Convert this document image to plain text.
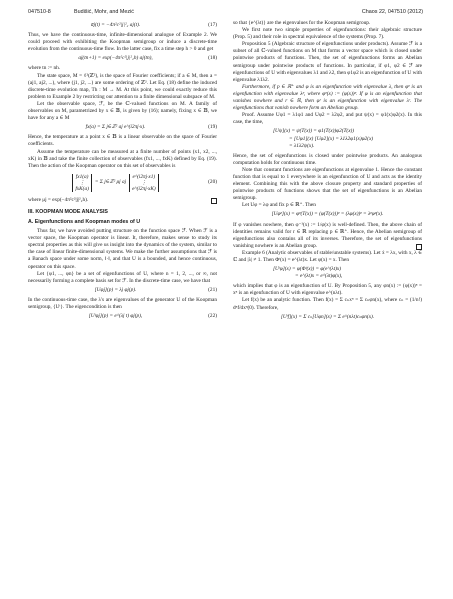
047510-8	Budišić, Mohr, and Mezić	Chaos 22, 047510 (2012)
a̅j(t) = −4π²c²|j|²₂ aj(t).	(17)

Thus, we have the continuous-time, infinite-dimensional analogue of Example 2. We could proceed with exhibiting the Koopman semigroup or induce a discrete-time evolution from the continuous-time flow. In the latter case, fix a time step h > 0 and get

aj(tn+1) = exp(−4π²c²|j|²₂h) aj(tn),	(18)

where tn := nh.

The state space, M = ℓ²(ℤ²), is the space of Fourier coefficients; if a ∈ M, then a = (aj1, aj2, ...), where (j1, j2, ...) are some ordering of ℤ². Let Eq. (18) define the induced discrete-time evolution map, Th : M → M. At this point, we could exactly reduce this problem to Example 2 by restricting our attention to a finite dimensional subspace of M.

Let the observable space, ℱ, be the ℂ-valued functions on M. A family of observables on M, parametrized by x ∈ 𝔹, is given by (16); namely, fixing x ∈ 𝔹, we have for any a ∈ M

fx(a) = Σ j∈ℤ² aj e^(i2πj·x).	(19)

Hence, the temperature at a point x ∈ 𝔹 is a linear observable on the space of Fourier coefficients.

Assume the temperature can be measured at a finite number of points (x1, x2, ..., xK) in 𝔹 and take the finite collection of observables (fx1, ..., fxK) defined by Eq. (19). Then the action of the Koopman operator on this set of observables is

fx1(a)
⋮
fxK(a)
= Σ j∈ℤ² μj aj
e^(i2πj·x1)
⋮
e^(i2πj·xK)
(20)

where μj = exp(−4π²c²|j|²₂h).

III. KOOPMAN MODE ANALYSIS
A. Eigenfunctions and Koopman modes of U

Thus far, we have avoided putting structure on the function space ℱ. When ℱ is a vector space, the Koopman operator is linear. It, therefore, makes sense to study its spectral properties as this will give us insight into the dynamics of the system, similar to the case of linear finite-dimensional systems. We make the further assumptions that ℱ is a Banach space under some norm, ‖·‖, and that U is a bounded, and hence continuous, operator on this space.

Let {φ1, ..., φn} be a set of eigenfunctions of U, where n = 1, 2, ..., or ∞, not necessarily forming a complete basis set for ℱ. In the discrete-time case, we have that

[Uφj](p) = λj φj(p).	(21)

In the continuous-time case, the λ's are eigenvalues of the generator U of the Koopman semigroup, {Uᵗ}. The eigencondition is then

[Uᵗφj](p) = e^(λj t) φj(p),	(22)

so that {e^(λt)} are the eigenvalues for the Koopman semigroup.

We first note two simple properties of eigenfunctions: their algebraic structure (Prop. 5) and their role in spectral equivalence of the systems (Prop. 7).

Proposition 5 (Algebraic structure of eigenfunctions under products). Assume ℱ is a subset of all ℂ-valued functions on M that forms a vector space which is closed under pointwise products of functions. Then, the set of eigenfunctions forms an Abelian semigroup under pointwise products of functions. In particular, if φ1, φ2 ∈ ℱ are eigenfunctions of U with eigenvalues λ1 and λ2, then φ1φ2 is an eigenfunction of U with eigenvalue λ1λ2.

Furthermore, if p ∈ ℝ⁺ and φ is an eigenfunction with eigenvalue λ, then φᵖ is an eigenfunction with eigenvalue λᵖ, where φᵖ(x) := (φ(x))ᵖ. If φ is an eigenfunction that vanishes nowhere and r ∈ ℝ, then φʳ is an eigenfunction with eigenvalue λʳ. The eigenfunctions that vanish nowhere form an Abelian group.

Proof. Assume Uφ1 = λ1φ1 and Uφ2 = λ2φ2, and put ψ(x) = φ1(x)φ2(x). In this case, the time,

[Uψ](x) = ψ(T(x)) = φ1(T(x))φ2(T(x))
= [Uφ1](x) [Uφ2](x) = λ1λ2φ1(x)φ2(x)
= λ1λ2ψ(x).

Hence, the set of eigenfunctions is closed under pointwise products. An analogous computation holds for continuous time.

Note that constant functions are eigenfunctions at eigenvalue 1. Hence the constant function that is equal to 1 everywhere is an eigenfunction of U and acts as the identity element. Combining this with the above closure property and standard properties of pointwise products of functions shows that the set of eigenfunctions is an Abelian semigroup.

Let Uφ = λφ and fix p ∈ ℝ⁺. Then

[Uφᵖ](x) = φᵖ(T(x)) = (φ(T(x)))ᵖ = (λφ(x))ᵖ = λᵖφᵖ(x).

If φ vanishes nowhere, then φ⁻¹(x) := 1/φ(x) is well-defined. Then, the above chain of identities remains valid for r ∈ ℝ replacing p ∈ ℝ⁺. Hence, the Abelian semigroup of eigenfunctions also contains all of its inverses. Therefore, the set of eigenfunctions vanishing nowhere is an Abelian group.

Example 6 (Analytic observables of stable/unstable systems). Let ẋ = λx, with x, λ ∈ ℂ and |λ| ≠ 1. Then Φᵗ(x) = e^(λt)x. Let φ(x) = x. Then

[Uᵗφ](x) = φ(Φᵗ(x)) = φ(e^(λt)x)
= e^(λt)x = e^(λt)φ(x),

which implies that φ is an eigenfunction of U. By Proposition 5, any φn(x) := (φ(x))ⁿ = xⁿ is an eigenfunction of U with eigenvalue e^(nλt).

Let f(x) be an analytic function. Then f(x) = Σ cₙxⁿ = Σ cₙφn(x), where cₙ = (1/n!) dⁿf/dxⁿ(0). Therefore,

[Uᵗf](x) = Σ cₙ[Uφn](x) = Σ e^(nλt)cₙφn(x).
